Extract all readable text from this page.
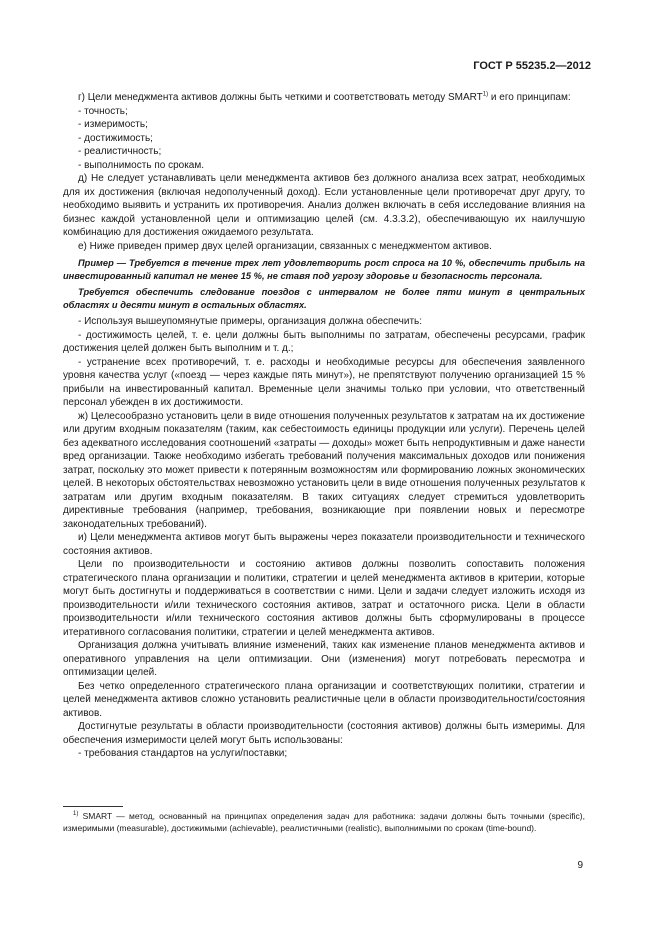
ГОСТ Р 55235.2—2012

г) Цели менеджмента активов должны быть четкими и соответствовать методу SMART$^{1)}$ и его принципам:

- точность;

- измеримость;

- достижимость;

- реалистичность;

- выполнимость по срокам.

д) Не следует устанавливать цели менеджмента активов без должного анализа всех затрат, необходимых для их достижения (включая недополученный доход). Если установленные цели противоречат друг другу, то необходимо выявить и устранить их противоречия. Анализ должен включать в себя исследование влияния на бизнес каждой установленной цели и оптимизацию целей (см. 4.3.3.2), обеспечивающую их наилучшую комбинацию для достижения ожидаемого результата.

е) Ниже приведен пример двух целей организации, связанных с менеджментом активов.

Пример — Требуется в течение трех лет удовлетворить рост спроса на 10 %, обеспечить прибыль на инвестированный капитал не менее 15 %, не ставя под угрозу здоровье и безопасность персонала.

Требуется обеспечить следование поездов с интервалом не более пяти минут в центральных областях и десяти минут в остальных областях.

- Используя вышеупомянутые примеры, организация должна обеспечить:

- достижимость целей, т. е. цели должны быть выполнимы по затратам, обеспечены ресурсами, график достижения целей должен быть выполним и т. д.;

- устранение всех противоречий, т. е. расходы и необходимые ресурсы для обеспечения заявленного уровня качества услуг («поезд — через каждые пять минут»), не препятствуют получению организацией 15 % прибыли на инвестированный капитал. Временные цели значимы только при условии, что ответственный персонал убежден в их достижимости.

ж) Целесообразно установить цели в виде отношения полученных результатов к затратам на их достижение или другим входным показателям (таким, как себестоимость единицы продукции или услуги). Перечень целей без адекватного исследования соотношений «затраты — доходы» может быть непродуктивным и даже нанести вред организации. Также необходимо избегать требований получения максимальных доходов или понижения затрат, поскольку это может привести к потерянным возможностям или формированию ложных экономических целей. В некоторых обстоятельствах невозможно установить цели в виде отношения полученных результатов к затратам или другим входным показателям. В таких ситуациях следует стремиться удовлетворить директивные требования (например, требования, возникающие при появлении новых и пересмотре законодательных требований).

и) Цели менеджмента активов могут быть выражены через показатели производительности и технического состояния активов.

Цели по производительности и состоянию активов должны позволить сопоставить положения стратегического плана организации и политики, стратегии и целей менеджмента активов в критерии, которые могут быть достигнуты и поддерживаться в соответствии с ними. Цели и задачи следует изложить исходя из производительности и/или технического состояния активов, затрат и остаточного риска. Цели в области производительности и/или технического состояния активов должны быть сформулированы в процессе итеративного согласования политики, стратегии и целей менеджмента активов.

Организация должна учитывать влияние изменений, таких как изменение планов менеджмента активов и оперативного управления на цели оптимизации. Они (изменения) могут потребовать пересмотра и оптимизации целей.

Без четко определенного стратегического плана организации и соответствующих политики, стратегии и целей менеджмента активов сложно установить реалистичные цели в области производительности/состояния активов.

Достигнутые результаты в области производительности (состояния активов) должны быть измеримы. Для обеспечения измеримости целей могут быть использованы:

- требования стандартов на услуги/поставки;

$^{1)}$ SMART — метод, основанный на принципах определения задач для работника: задачи должны быть точными (specific), измеримыми (measurable), достижимыми (achievable), реалистичными (realistic), выполнимыми по срокам (time-bound).
9
